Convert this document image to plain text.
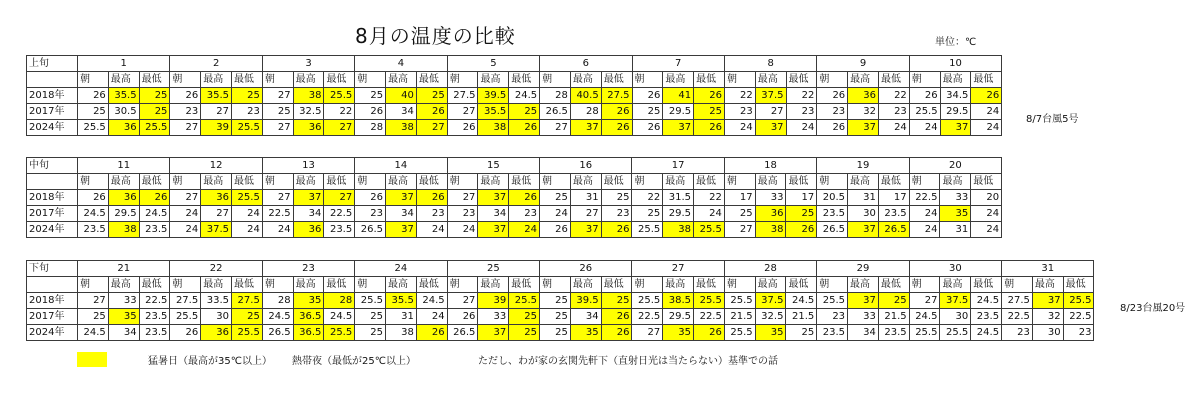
8月の温度の比較	単位：℃
上旬	1			2			3			4			5			6			7			8			9			10		
	朝	最高	最低	朝	最高	最低	朝	最高	最低	朝	最高	最低	朝	最高	最低	朝	最高	最低	朝	最高	最低	朝	最高	最低	朝	最高	最低	朝	最高	最低
2018年	26	35.5	25	26	35.5	25	27	38	25.5	25	40	25	27.5	39.5	24.5	28	40.5	27.5	26	41	26	22	37.5	22	26	36	22	26	34.5	26
2017年	25	30.5	25	23	27	23	25	32.5	22	26	34	26	27	35.5	25	26.5	28	26	25	29.5	25	23	27	23	23	32	23	25.5	29.5	24
2024年	25.5	36	25.5	27	39	25.5	27	36	27	28	38	27	26	38	26	27	37	26	26	37	26	24	37	24	26	37	24	24	37	24
中旬	11			12			13			14			15			16			17			18			19			20		
	朝	最高	最低	朝	最高	最低	朝	最高	最低	朝	最高	最低	朝	最高	最低	朝	最高	最低	朝	最高	最低	朝	最高	最低	朝	最高	最低	朝	最高	最低
2018年	26	36	26	27	36	25.5	27	37	27	26	37	26	27	37	26	25	31	25	22	31.5	22	17	33	17	20.5	31	17	22.5	33	20
2017年	24.5	29.5	24.5	24	27	24	22.5	34	22.5	23	34	23	23	34	23	24	27	23	25	29.5	24	25	36	25	23.5	30	23.5	24	35	24
2024年	23.5	38	23.5	24	37.5	24	24	36	23.5	26.5	37	24	24	37	24	26	37	26	25.5	38	25.5	27	38	26	26.5	37	26.5	24	31	24
下旬	21			22			23			24			25			26			27			28			29			30			31		
	朝	最高	最低	朝	最高	最低	朝	最高	最低	朝	最高	最低	朝	最高	最低	朝	最高	最低	朝	最高	最低	朝	最高	最低	朝	最高	最低	朝	最高	最低	朝	最高	最低
2018年	27	33	22.5	27.5	33.5	27.5	28	35	28	25.5	35.5	24.5	27	39	25.5	25	39.5	25	25.5	38.5	25.5	25.5	37.5	24.5	25.5	37	25	27	37.5	24.5	27.5	37	25.5
2017年	25	35	23.5	25.5	30	25	24.5	36.5	24.5	25	31	24	26	33	25	25	34	26	22.5	29.5	22.5	21.5	32.5	21.5	23	33	21.5	24.5	30	23.5	22.5	32	22.5
2024年	24.5	34	23.5	26	36	25.5	26.5	36.5	25.5	25	38	26	26.5	37	25	25	35	26	27	35	26	25.5	35	25	23.5	34	23.5	25.5	25.5	24.5	23	30	23
8/7台風5号
8/23台風20号
猛暑日（最高が35℃以上） 熱帯夜（最低が25℃以上）	ただし、わが家の玄関先軒下（直射日光は当たらない）基準での話
